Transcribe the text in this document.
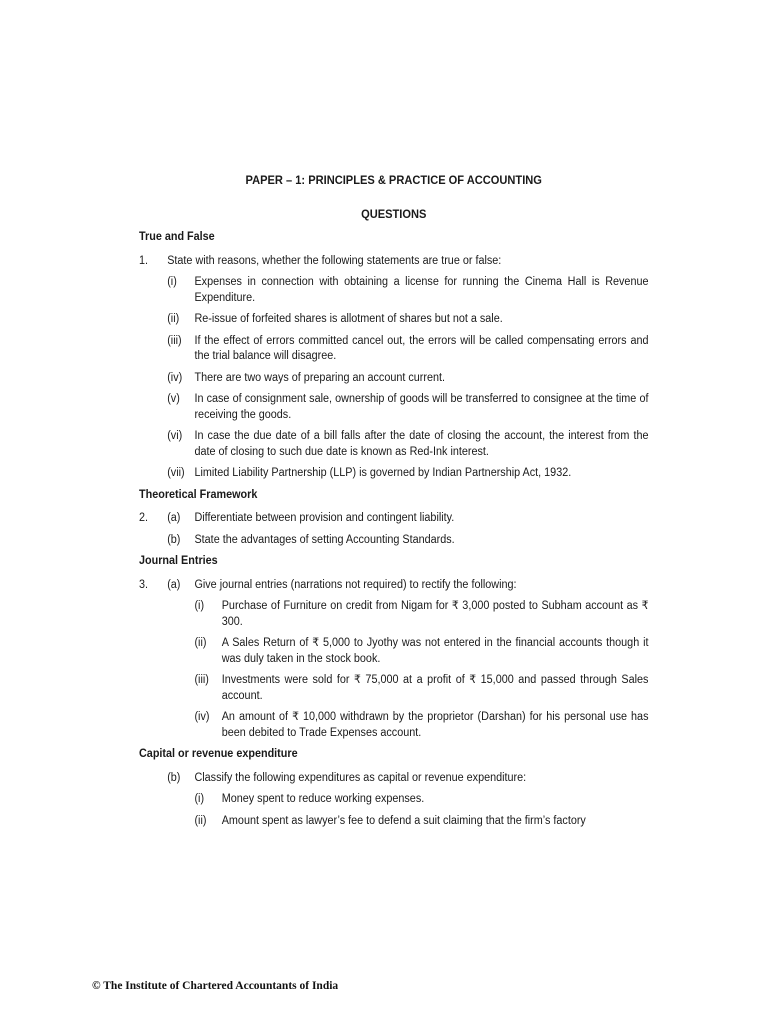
PAPER – 1: PRINCIPLES & PRACTICE OF ACCOUNTING
QUESTIONS
True and False
1.	State with reasons, whether the following statements are true or false:
(i)	Expenses in connection with obtaining a license for running the Cinema Hall is Revenue Expenditure.
(ii)	Re-issue of forfeited shares is allotment of shares but not a sale.
(iii)	If the effect of errors committed cancel out, the errors will be called compensating errors and the trial balance will disagree.
(iv)	There are two ways of preparing an account current.
(v)	In case of consignment sale, ownership of goods will be transferred to consignee at the time of receiving the goods.
(vi)	In case the due date of a bill falls after the date of closing the account, the interest from the date of closing to such due date is known as Red-Ink interest.
(vii) Limited Liability Partnership (LLP) is governed by Indian Partnership Act, 1932.
Theoretical Framework
2.	(a)	Differentiate between provision and contingent liability.
(b)	State the advantages of setting Accounting Standards.
Journal Entries
3.	(a)	Give journal entries (narrations not required) to rectify the following:
(i)	Purchase of Furniture on credit from Nigam for ₹ 3,000 posted to Subham account as ₹ 300.
(ii)	A Sales Return of ₹ 5,000 to Jyothy was not entered in the financial accounts though it was duly taken in the stock book.
(iii)	Investments were sold for ₹ 75,000 at a profit of ₹ 15,000 and passed through Sales account.
(iv)	An amount of ₹ 10,000 withdrawn by the proprietor (Darshan) for his personal use has been debited to Trade Expenses account.
Capital or revenue expenditure
(b)	Classify the following expenditures as capital or revenue expenditure:
(i)	Money spent to reduce working expenses.
(ii)	Amount spent as lawyer’s fee to defend a suit claiming that the firm’s factory
© The Institute of Chartered Accountants of India
